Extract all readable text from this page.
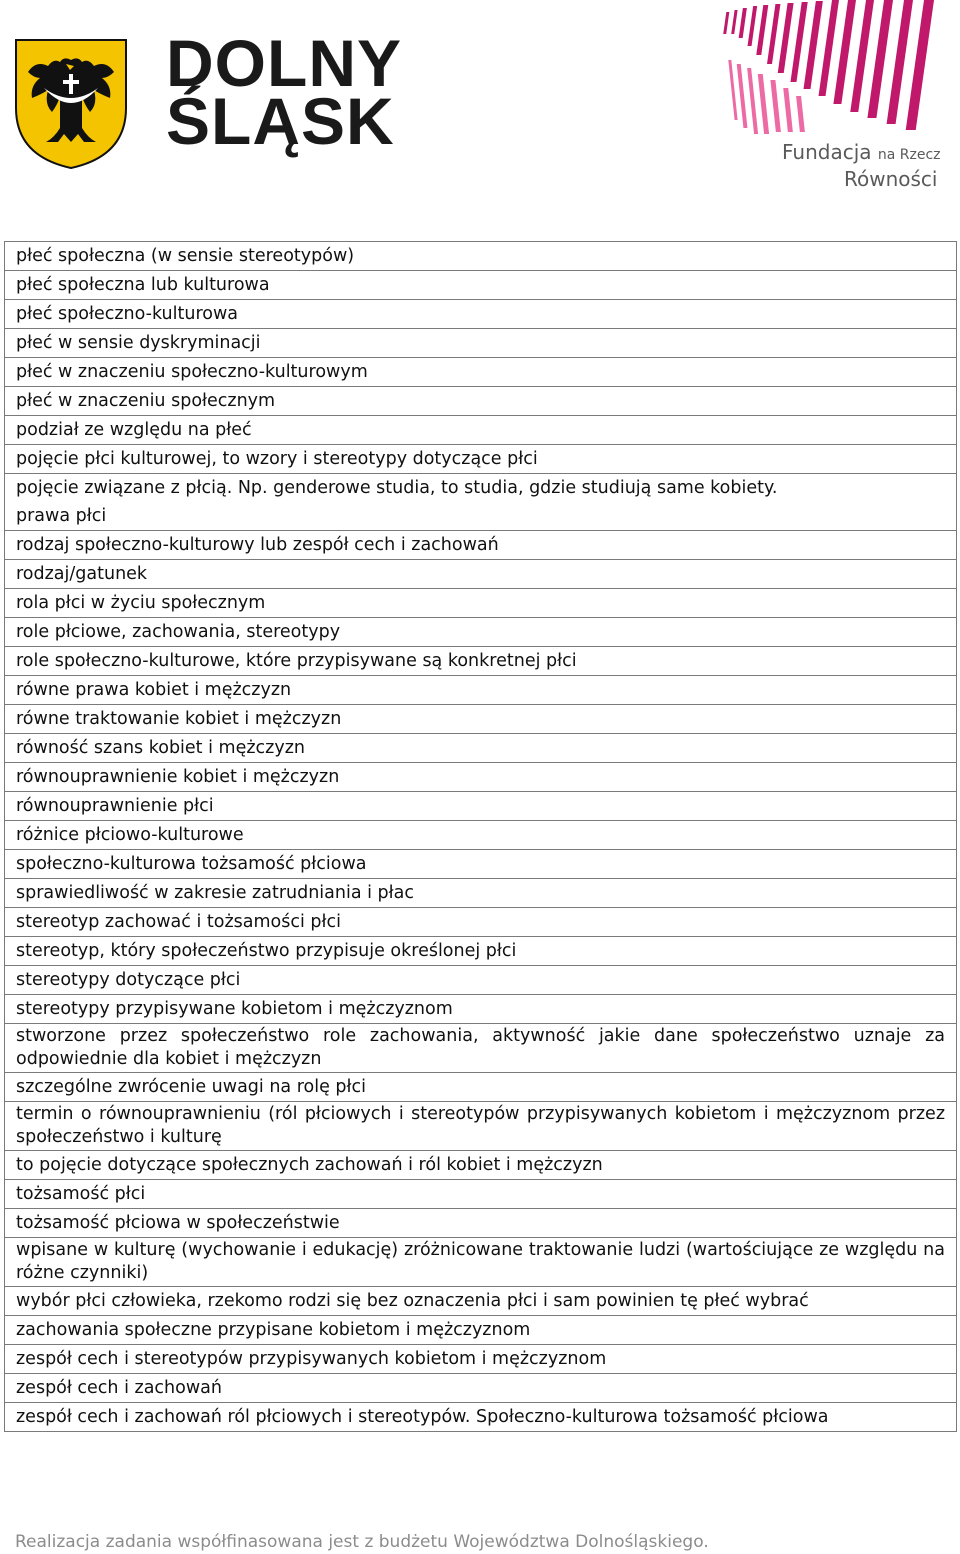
DOLNY
ŚLĄSK	Fundacja na Rzecz
Równości
płeć społeczna (w sensie stereotypów)
płeć społeczna lub kulturowa
płeć społeczno-kulturowa
płeć w sensie dyskryminacji
płeć w znaczeniu społeczno-kulturowym
płeć w znaczeniu społecznym
podział ze względu na płeć
pojęcie płci kulturowej, to wzory i stereotypy dotyczące płci
pojęcie związane z płcią. Np. genderowe studia, to studia, gdzie studiują same kobiety.
prawa płci
rodzaj społeczno-kulturowy lub zespół cech i zachowań
rodzaj/gatunek
rola płci w życiu społecznym
role płciowe, zachowania, stereotypy
role społeczno-kulturowe, które przypisywane są konkretnej płci
równe prawa kobiet i mężczyzn
równe traktowanie kobiet i mężczyzn
równość szans kobiet i mężczyzn
równouprawnienie kobiet i mężczyzn
równouprawnienie płci
różnice płciowo-kulturowe
społeczno-kulturowa tożsamość płciowa
sprawiedliwość w zakresie zatrudniania i płac
stereotyp zachować i tożsamości płci
stereotyp, który społeczeństwo przypisuje określonej płci
stereotypy dotyczące płci
stereotypy przypisywane kobietom i mężczyznom
stworzone przez społeczeństwo role zachowania, aktywność jakie dane społeczeństwo uznaje za odpowiednie dla kobiet i mężczyzn
szczególne zwrócenie uwagi na rolę płci
termin o równouprawnieniu (ról płciowych i stereotypów przypisywanych kobietom i mężczyznom przez społeczeństwo i kulturę
to pojęcie dotyczące społecznych zachowań i ról kobiet i mężczyzn
tożsamość płci
tożsamość płciowa w społeczeństwie
wpisane w kulturę (wychowanie i edukację) zróżnicowane traktowanie ludzi (wartościujące ze względu na różne czynniki)
wybór płci człowieka, rzekomo rodzi się bez oznaczenia płci i sam powinien tę płeć wybrać
zachowania społeczne przypisane kobietom i mężczyznom
zespół cech i stereotypów przypisywanych kobietom i mężczyznom
zespół cech i zachowań
zespół cech i zachowań ról płciowych i stereotypów. Społeczno-kulturowa tożsamość płciowa
Realizacja zadania współfinasowana jest z budżetu Województwa Dolnośląskiego.
